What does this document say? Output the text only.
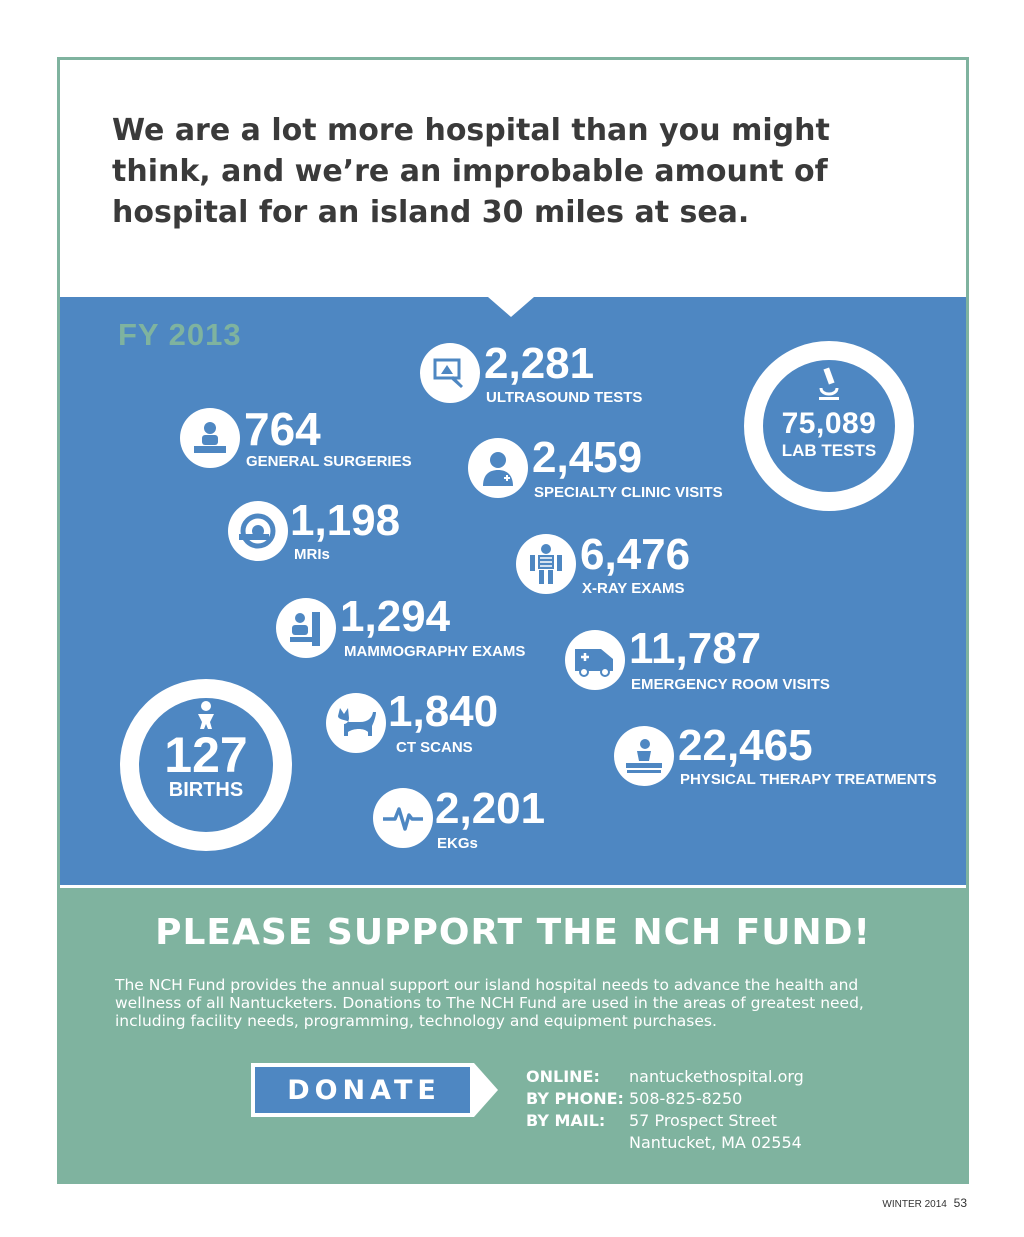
We are a lot more hospital than you might think, and we’re an improbable amount of hospital for an island 30 miles at sea.
FY 2013
2,281
ULTRASOUND TESTS
764
GENERAL SURGERIES	2,459
SPECIALTY CLINIC VISITS
1,198
MRIs	6,476
X-RAY EXAMS
1,294
MAMMOGRAPHY EXAMS 11,787
EMERGENCY ROOM VISITS
1,840
CT SCANS	22,465
PHYSICAL THERAPY TREATMENTS
2,201
EKGs
75,089
LAB TESTS
127
BIRTHS
PLEASE SUPPORT THE NCH FUND!

The NCH Fund provides the annual support our island hospital needs to advance the health and wellness of all Nantucketers. Donations to The NCH Fund are used in the areas of greatest need, including facility needs, programming, technology and equipment purchases.

DONATE	ONLINE:	nantuckethospital.org
BY PHONE: 508-825-8250
BY MAIL:	57 Prospect Street
Nantucket, MA 02554
WINTER 2014 53
